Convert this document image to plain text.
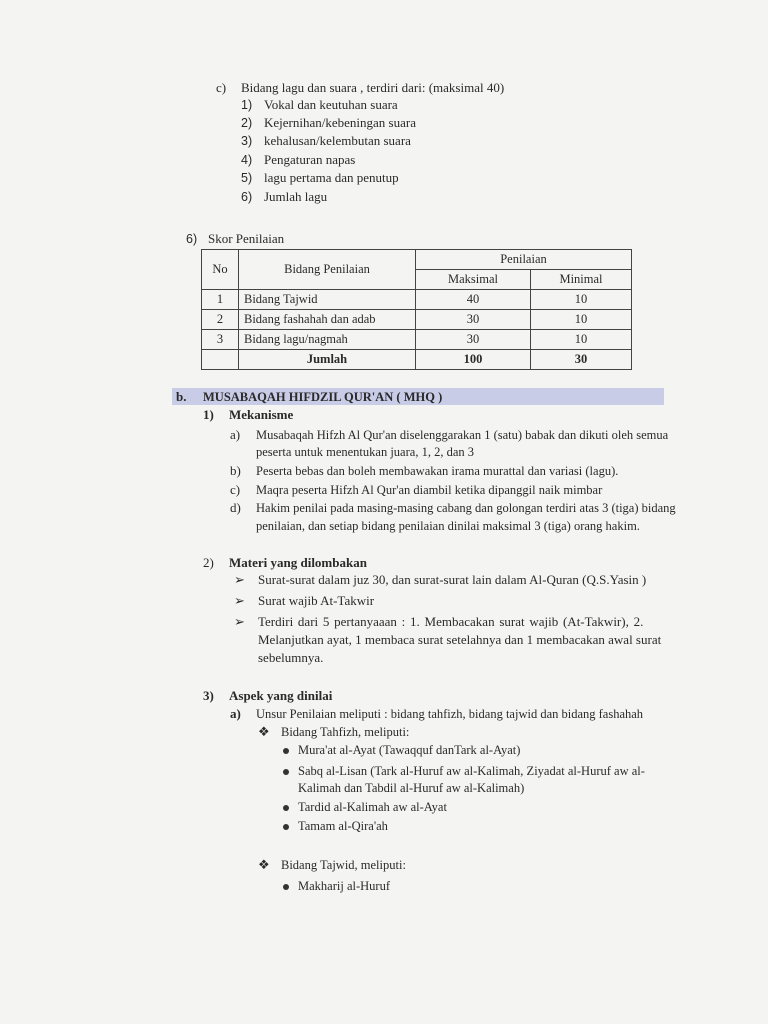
c) Bidang lagu dan suara , terdiri dari: (maksimal 40)
1) Vokal dan keutuhan suara
2) Kejernihan/kebeningan suara
3) kehalusan/kelembutan suara
4) Pengaturan napas
5) lagu pertama dan penutup
6) Jumlah lagu
6) Skor Penilaian
No	Bidang Penilaian	Penilaian	
		Maksimal	Minimal
1	Bidang Tajwid	40	10
2	Bidang fashahah dan adab	30	10
3	Bidang lagu/nagmah	30	10
	Jumlah	100	30
b. MUSABAQAH HIFDZIL QUR'AN ( MHQ )
1) Mekanisme
a) Musabaqah Hifzh Al Qur'an diselenggarakan 1 (satu) babak dan dikuti oleh semua
peserta untuk menentukan juara, 1, 2, dan 3
b) Peserta bebas dan boleh membawakan irama murattal dan variasi (lagu).
c) Maqra peserta Hifzh Al Qur'an diambil ketika dipanggil naik mimbar
d) Hakim penilai pada masing-masing cabang dan golongan terdiri atas 3 (tiga) bidang
penilaian, dan setiap bidang penilaian dinilai maksimal 3 (tiga) orang hakim.
2) Materi yang dilombakan
➢ Surat-surat dalam juz 30, dan surat-surat lain dalam Al-Quran (Q.S.Yasin )
➢ Surat wajib At-Takwir
➢ Terdiri dari 5 pertanyaaan : 1. Membacakan surat wajib (At-Takwir), 2.
Melanjutkan ayat, 1 membaca surat setelahnya dan 1 membacakan awal surat
sebelumnya.
3) Aspek yang dinilai
a) Unsur Penilaian meliputi : bidang tahfizh, bidang tajwid dan bidang fashahah
❖ Bidang Tahfizh, meliputi:
Mura'at al-Ayat (Tawaqquf danTark al-Ayat)
Sabq al-Lisan (Tark al-Huruf aw al-Kalimah, Ziyadat al-Huruf aw al-
Kalimah dan Tabdil al-Huruf aw al-Kalimah)
Tardid al-Kalimah aw al-Ayat
Tamam al-Qira'ah
❖ Bidang Tajwid, meliputi:
Makharij al-Huruf
